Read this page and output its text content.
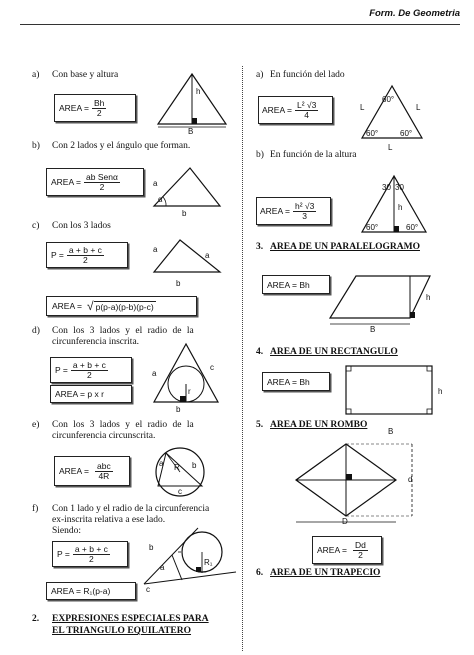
Form. De Geometria
a) Con base y altura
AREA = $\frac{Bh}{2}$
h
B
b) Con 2 lados y el ángulo que forman.
AREA = $\frac{\text{ab Senα}}{2}$	a
α
b
c) Con los 3 lados
$P = \frac{a + b + c}{2}$	a
a
b
AREA = √ p(p-a)(p-b)(p-c)
d) Con los 3 lados y el radio de la
circunferencia inscrita.
$P = \frac{a + b + c}{2}$
AREA = p x r
a
c
r
b
e) Con los 3 lados y el radio de la
circunferencia circunscrita.
AREA = $\frac{\text{abc}}{4R}$	a R b
c
f) Con 1 lado y el radio de la circunferencia
ex-inscrita relativa a ese lado.
Siendo:
$P = \frac{a + b + c}{2}$
AREA = R₁(p-a)
b
a
c
R₁
2. EXPRESIONES ESPECIALES PARA
EL TRIANGULO EQUILATERO
a) En función del lado
AREA = $\frac{\text{L² √3}}{4}$
60°
60°	60°
L	L
L
b) En función de la altura
AREA = $\frac{\text{h² √3}}{3}$
30 30
h
60°	60°
3. AREA DE UN PARALELOGRAMO
AREA = Bh
h
B
4. AREA DE UN RECTANGULO
AREA = Bh
h
5. AREA DE UN ROMBO
B
d
D
AREA = $\frac{Dd}{2}$
6. AREA DE UN TRAPECIO
